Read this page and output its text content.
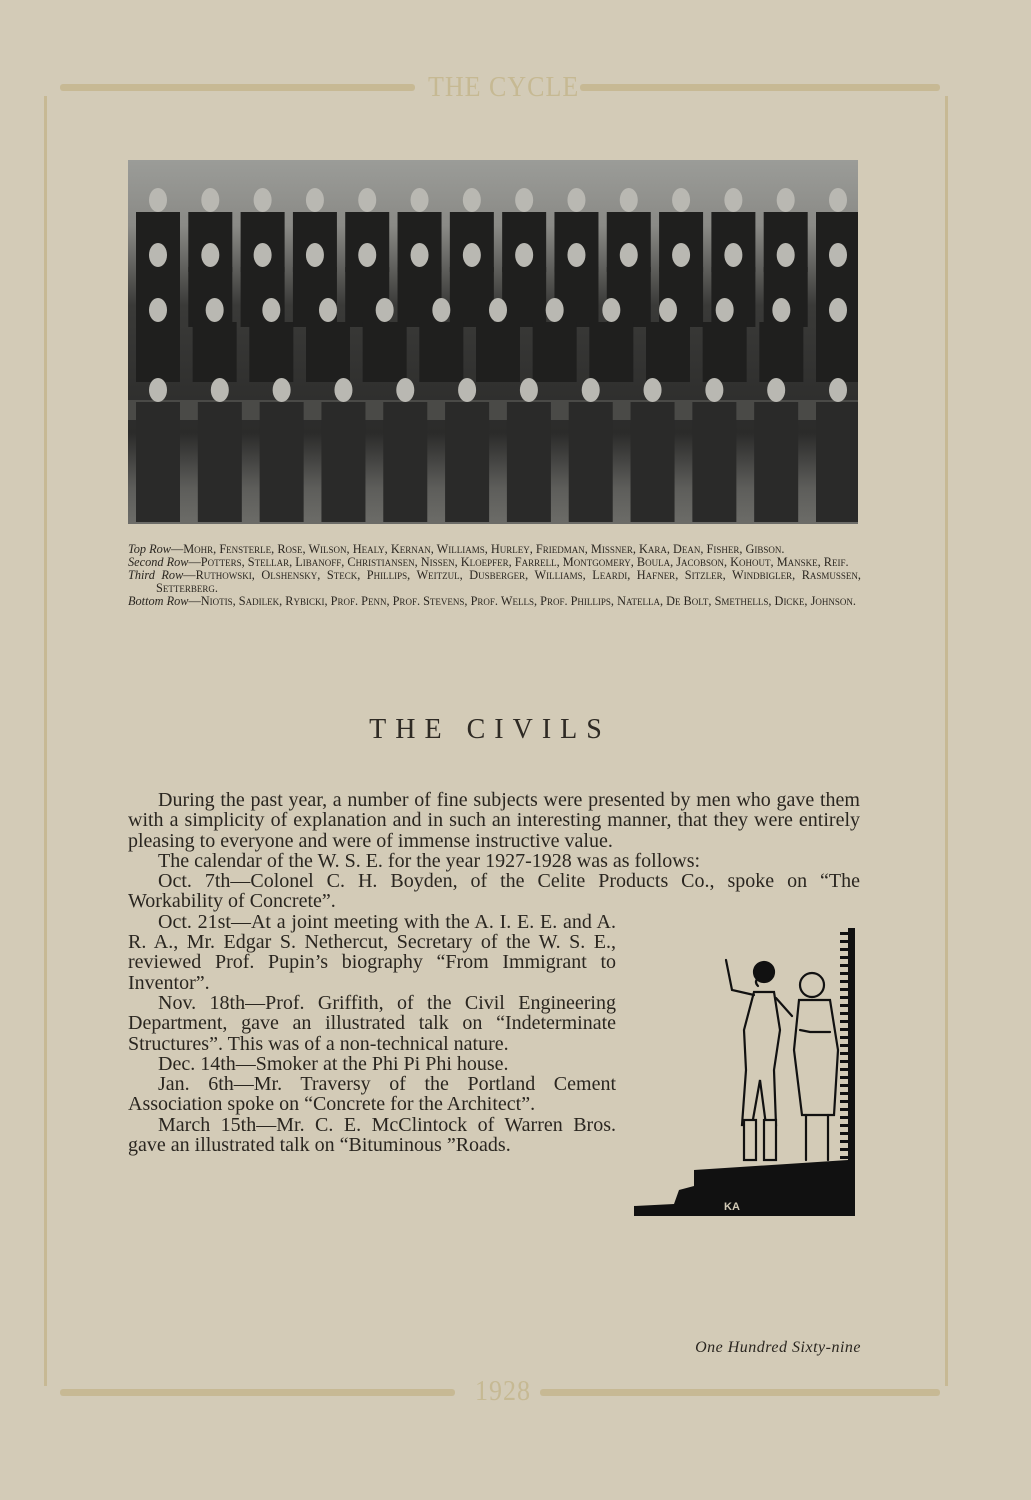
THE CYCLE
1928
Top Row—Mohr, Fensterle, Rose, Wilson, Healy, Kernan, Williams, Hurley, Friedman, Missner, Kara, Dean, Fisher, Gibson.
Second Row—Potters, Stellar, Libanoff, Christiansen, Nissen, Kloepfer, Farrell, Montgomery, Boula, Jacobson, Kohout, Manske, Reif.
Third Row—Ruthowski, Olshensky, Steck, Phillips, Weitzul, Dusberger, Williams, Leardi, Hafner, Sitzler, Windbigler, Rasmussen, Setterberg.
Bottom Row—Niotis, Sadilek, Rybicki, Prof. Penn, Prof. Stevens, Prof. Wells, Prof. Phillips, Natella, De Bolt, Smethells, Dicke, Johnson.
THE CIVILS

During the past year, a number of fine subjects were presented by men who gave them with a simplicity of explanation and in such an interesting manner, that they were entirely pleasing to everyone and were of immense instructive value.

The calendar of the W. S. E. for the year 1927-1928 was as follows:

Oct. 7th—Colonel C. H. Boyden, of the Celite Products Co., spoke on “The Workability of Concrete”.

Oct. 21st—At a joint meeting with the A. I. E. E. and A. R. A., Mr. Edgar S. Nethercut, Secretary of the W. S. E., reviewed Prof. Pupin’s biography “From Immigrant to Inventor”.

Nov. 18th—Prof. Griffith, of the Civil Engineering Department, gave an illustrated talk on “Indeterminate Structures”. This was of a non-technical nature.

Dec. 14th—Smoker at the Phi Pi Phi house.

Jan. 6th—Mr. Traversy of the Portland Cement Association spoke on “Concrete for the Architect”.

March 15th—Mr. C. E. McClintock of Warren Bros. gave an illustrated talk on “Bituminous ”Roads.

KA
One Hundred Sixty-nine
